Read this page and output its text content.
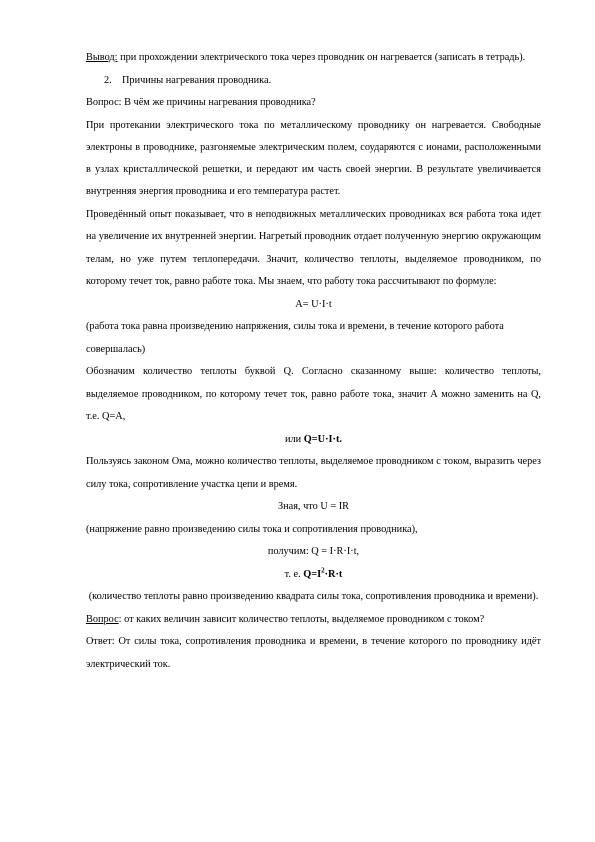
Вывод: при прохождении электрического тока через проводник он нагревается (записать в тетрадь).

2. Причины нагревания проводника.

Вопрос: В чём же причины нагревания проводника?

При протекании электрического тока по металлическому проводнику он нагревается. Свободные электроны в проводнике, разгоняемые электрическим полем, соударяются с ионами, расположенными в узлах кристаллической решетки, и передают им часть своей энергии. В результате увеличивается внутренняя энергия проводника и его температура растет.

Проведённый опыт показывает, что в неподвижных металлических проводниках вся работа тока идет на увеличение их внутренней энергии. Нагретый проводник отдает полученную энергию окружающим телам, но уже путем теплопередачи. Значит, количество теплоты, выделяемое проводником, по которому течет ток, равно работе тока. Мы знаем, что работу тока рассчитывают по формуле:

A= U·I·t

(работа тока равна произведению напряжения, силы тока и времени, в течение которого работа совершалась)

Обозначим количество теплоты буквой Q. Согласно сказанному выше: количество теплоты, выделяемое проводником, по которому течет ток, равно работе тока, значит А можно заменить на Q, т.е. Q=A,

или Q=U·I·t.

Пользуясь законом Ома, можно количество теплоты, выделяемое проводником с током, выразить через силу тока, сопротивление участка цепи и время.

Зная, что U = IR

(напряжение равно произведению силы тока и сопротивления проводника),

получим: Q = I·R·I·t,

т. е. $Q=I^2\cdot R\cdot t$

(количество теплоты равно произведению квадрата силы тока, сопротивления проводника и времени).

Вопрос: от каких величин зависит количество теплоты, выделяемое проводником с током?

Ответ: От силы тока, сопротивления проводника и времени, в течение которого по проводнику идёт электрический ток.
